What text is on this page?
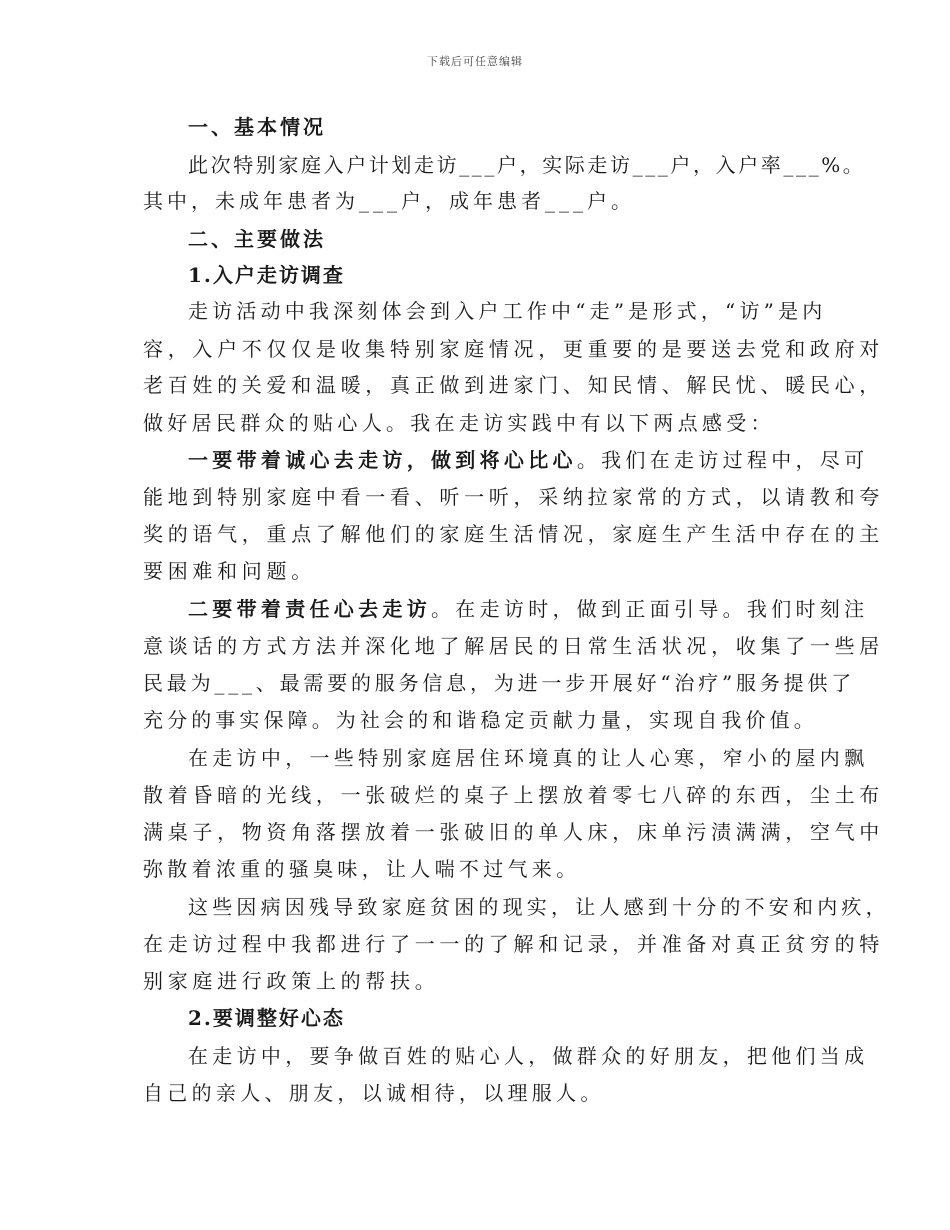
下载后可任意编辑
一、基本情况
此次特别家庭入户计划走访___户，实际走访___户，入户率___%。
其中，未成年患者为___户，成年患者___户。
二、主要做法
1.入户走访调查
走访活动中我深刻体会到入户工作中“走”是形式，“访”是内
容，入户不仅仅是收集特别家庭情况，更重要的是要送去党和政府对
老百姓的关爱和温暖，真正做到进家门、知民情、解民忧、暖民心，
做好居民群众的贴心人。我在走访实践中有以下两点感受：
一要带着诚心去走访，做到将心比心。我们在走访过程中，尽可
能地到特别家庭中看一看、听一听，采纳拉家常的方式，以请教和夸
奖的语气，重点了解他们的家庭生活情况，家庭生产生活中存在的主
要困难和问题。
二要带着责任心去走访。在走访时，做到正面引导。我们时刻注
意谈话的方式方法并深化地了解居民的日常生活状况，收集了一些居
民最为___、最需要的服务信息，为进一步开展好“治疗”服务提供了
充分的事实保障。为社会的和谐稳定贡献力量，实现自我价值。
在走访中，一些特别家庭居住环境真的让人心寒，窄小的屋内飘
散着昏暗的光线，一张破烂的桌子上摆放着零七八碎的东西，尘土布
满桌子，物资角落摆放着一张破旧的单人床，床单污渍满满，空气中
弥散着浓重的骚臭味，让人喘不过气来。
这些因病因残导致家庭贫困的现实，让人感到十分的不安和内疚，
在走访过程中我都进行了一一的了解和记录，并准备对真正贫穷的特
别家庭进行政策上的帮扶。
2.要调整好心态
在走访中，要争做百姓的贴心人，做群众的好朋友，把他们当成
自己的亲人、朋友，以诚相待，以理服人。
